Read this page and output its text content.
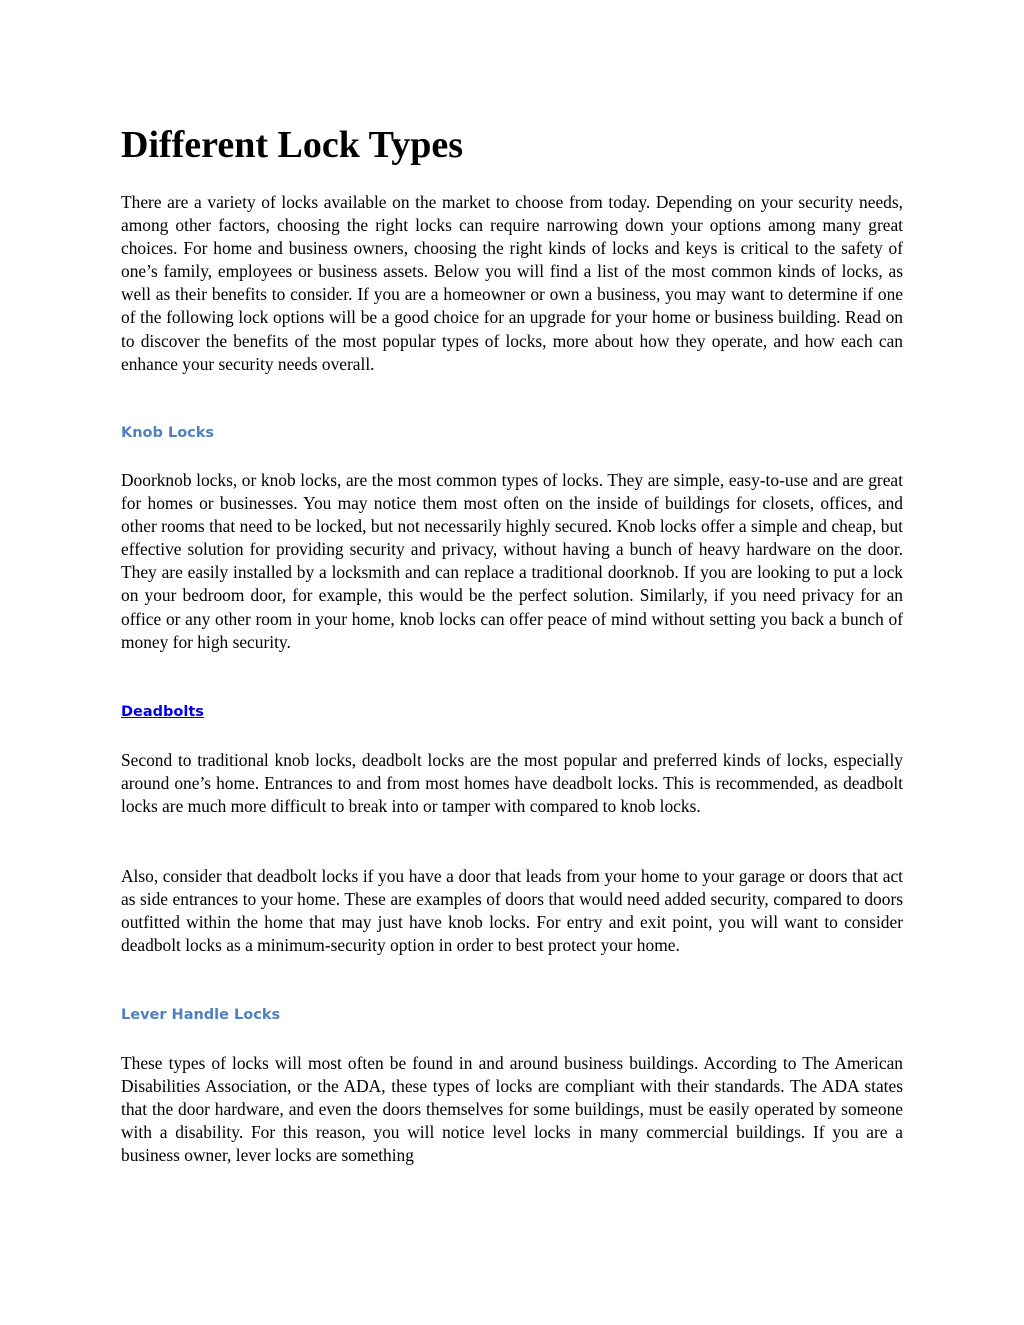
Different Lock Types

There are a variety of locks available on the market to choose from today. Depending on your security needs, among other factors, choosing the right locks can require narrowing down your options among many great choices. For home and business owners, choosing the right kinds of locks and keys is critical to the safety of one’s family, employees or business assets. Below you will find a list of the most common kinds of locks, as well as their benefits to consider. If you are a homeowner or own a business, you may want to determine if one of the following lock options will be a good choice for an upgrade for your home or business building. Read on to discover the benefits of the most popular types of locks, more about how they operate, and how each can enhance your security needs overall.

Knob Locks

Doorknob locks, or knob locks, are the most common types of locks. They are simple, easy-to-use and are great for homes or businesses. You may notice them most often on the inside of buildings for closets, offices, and other rooms that need to be locked, but not necessarily highly secured. Knob locks offer a simple and cheap, but effective solution for providing security and privacy, without having a bunch of heavy hardware on the door. They are easily installed by a locksmith and can replace a traditional doorknob. If you are looking to put a lock on your bedroom door, for example, this would be the perfect solution. Similarly, if you need privacy for an office or any other room in your home, knob locks can offer peace of mind without setting you back a bunch of money for high security.

Deadbolts

Second to traditional knob locks, deadbolt locks are the most popular and preferred kinds of locks, especially around one’s home. Entrances to and from most homes have deadbolt locks. This is recommended, as deadbolt locks are much more difficult to break into or tamper with compared to knob locks.

Also, consider that deadbolt locks if you have a door that leads from your home to your garage or doors that act as side entrances to your home. These are examples of doors that would need added security, compared to doors outfitted within the home that may just have knob locks. For entry and exit point, you will want to consider deadbolt locks as a minimum-security option in order to best protect your home.

Lever Handle Locks

These types of locks will most often be found in and around business buildings. According to The American Disabilities Association, or the ADA, these types of locks are compliant with their standards. The ADA states that the door hardware, and even the doors themselves for some buildings, must be easily operated by someone with a disability. For this reason, you will notice level locks in many commercial buildings. If you are a business owner, lever locks are something
